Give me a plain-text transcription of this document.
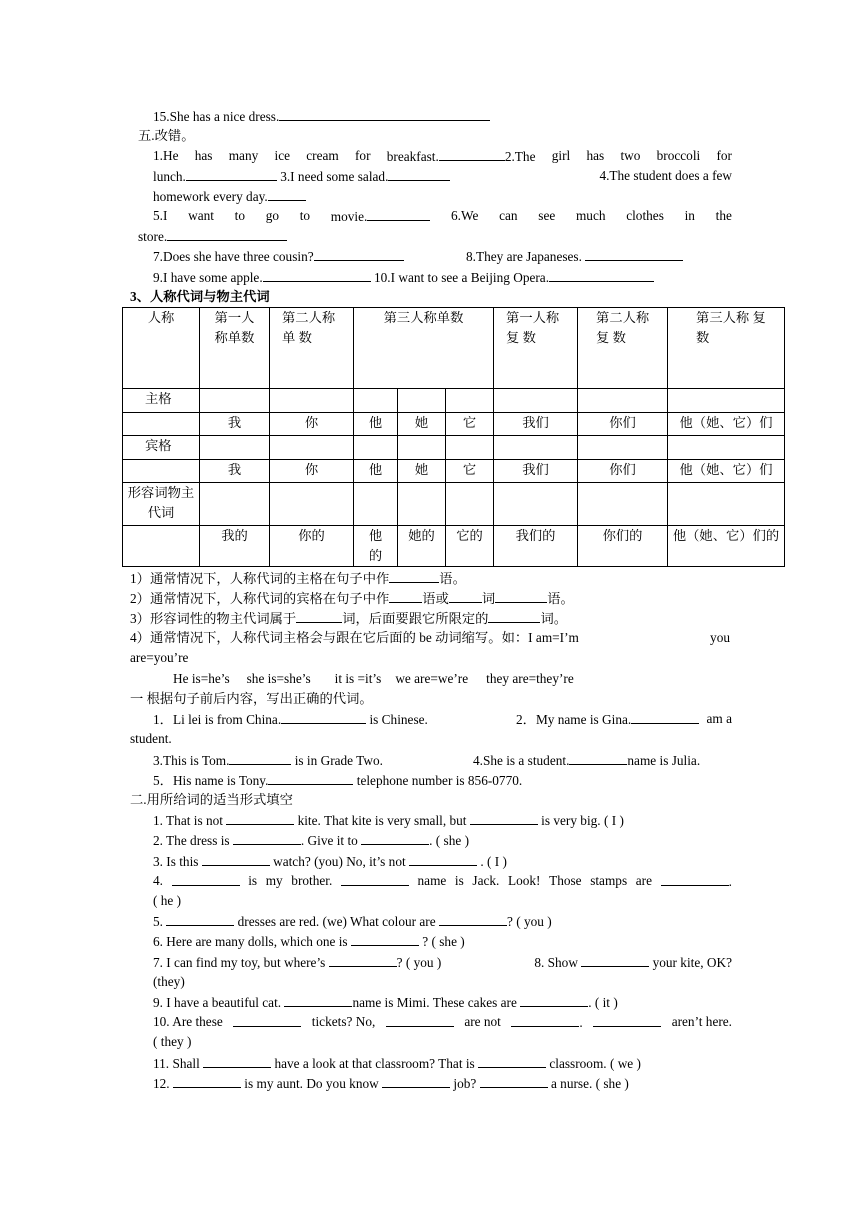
15.She has a nice dress.
五.改错。
1.He has many ice cream for breakfast.	2.The girl has two broccoli for
lunch.	3.I need some salad.	4.The student does a few
homework every day.
5.I want to go to movie.	6.We can see much clothes in the
store.
7.Does she have three cousin?	8.They are Japaneses.
9.I have some apple.	10.I want to see a Beijing Opera.
3、人称代词与物主代词
人称	第一人称单数	第二人称 单 数	第三人称单数			第一人称 复 数	第二人称 复 数	第三人称 复 数
主格								
	我	你	他	她	它	我们	你们	他（她、它）们
宾格								
	我	你	他	她	它	我们	你们	他（她、它）们
形容词物主代词								
	我的	你的	他的	她的	它的	我们的	你们的	他（她、它）们的
1）通常情况下，人称代词的主格在句子中作	语。
2）通常情况下，人称代词的宾格在句子中作 语或 词	语。
3）形容词性的物主代词属于	词，后面要跟它所限定的	词。
4）通常情况下，人称代词主格会与跟在它后面的 be 动词缩写。如：I am=I’m	you
are=you’re
He is=he’s she is=she’s it is =it’s we are=we’re they are=they’re
一 根据句子前后内容，写出正确的代词。
1．Li lei is from China.	is Chinese.	2．My name is Gina.	am a
student.
3.This is Tom.	is in Grade Two.	4.She is a student.	name is Julia.
5．His name is Tony.	telephone number is 856-0770.
二.用所给词的适当形式填空
1. That is not	kite. That kite is very small, but	is very big. ( I )
2. The dress is	. Give it to	. ( she )
3. Is this	watch? (you) No, it’s not	. ( I )
4.	is my brother.	name is Jack. Look! Those stamps are	.
( he )
5.	dresses are red. (we) What colour are	? ( you )
6. Here are many dolls, which one is	? ( she )
7. I can find my toy, but where’s	? ( you )	8. Show	your kite, OK?
(they)
9. I have a beautiful cat.	name is Mimi. These cakes are	. ( it )
10. Are these	tickets? No,	are not	.	aren’t here.
( they )
11. Shall	have a look at that classroom? That is	classroom. ( we )
12.	is my aunt. Do you know	job?	a nurse. ( she )
